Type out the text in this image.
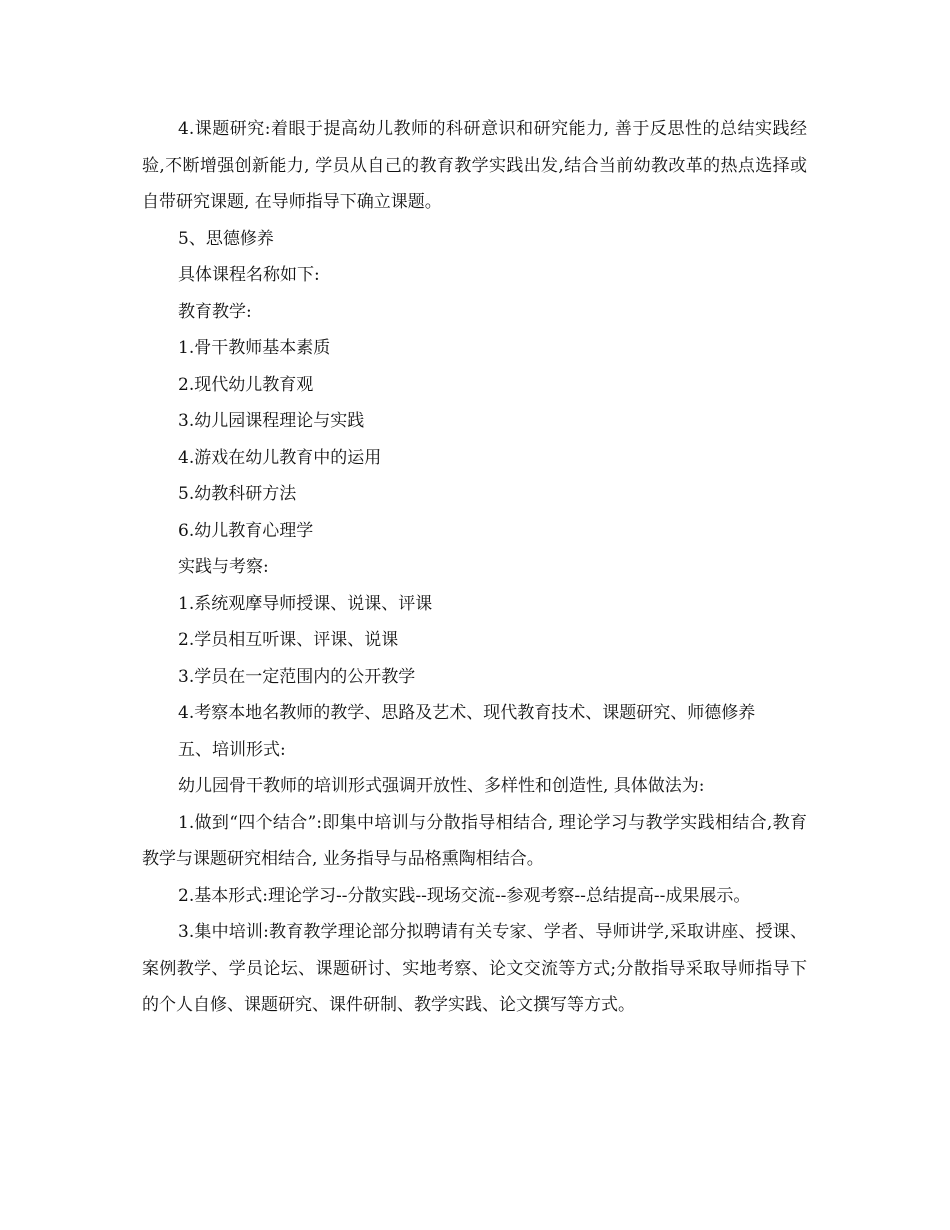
4.课题研究:着眼于提高幼儿教师的科研意识和研究能力, 善于反思性的总结实践经验,不断增强创新能力, 学员从自己的教育教学实践出发,结合当前幼教改革的热点选择或自带研究课题, 在导师指导下确立课题。

5、思德修养

具体课程名称如下:

教育教学:

1.骨干教师基本素质

2.现代幼儿教育观

3.幼儿园课程理论与实践

4.游戏在幼儿教育中的运用

5.幼教科研方法

6.幼儿教育心理学

实践与考察:

1.系统观摩导师授课、说课、评课

2.学员相互听课、评课、说课

3.学员在一定范围内的公开教学

4.考察本地名教师的教学、思路及艺术、现代教育技术、课题研究、师德修养

五、培训形式:

幼儿园骨干教师的培训形式强调开放性、多样性和创造性, 具体做法为:

1.做到“四个结合”:即集中培训与分散指导相结合, 理论学习与教学实践相结合,教育教学与课题研究相结合, 业务指导与品格熏陶相结合。

2.基本形式:理论学习--分散实践--现场交流--参观考察--总结提高--成果展示。

3.集中培训:教育教学理论部分拟聘请有关专家、学者、导师讲学,采取讲座、授课、案例教学、学员论坛、课题研讨、实地考察、论文交流等方式;分散指导采取导师指导下的个人自修、课题研究、课件研制、教学实践、论文撰写等方式。
